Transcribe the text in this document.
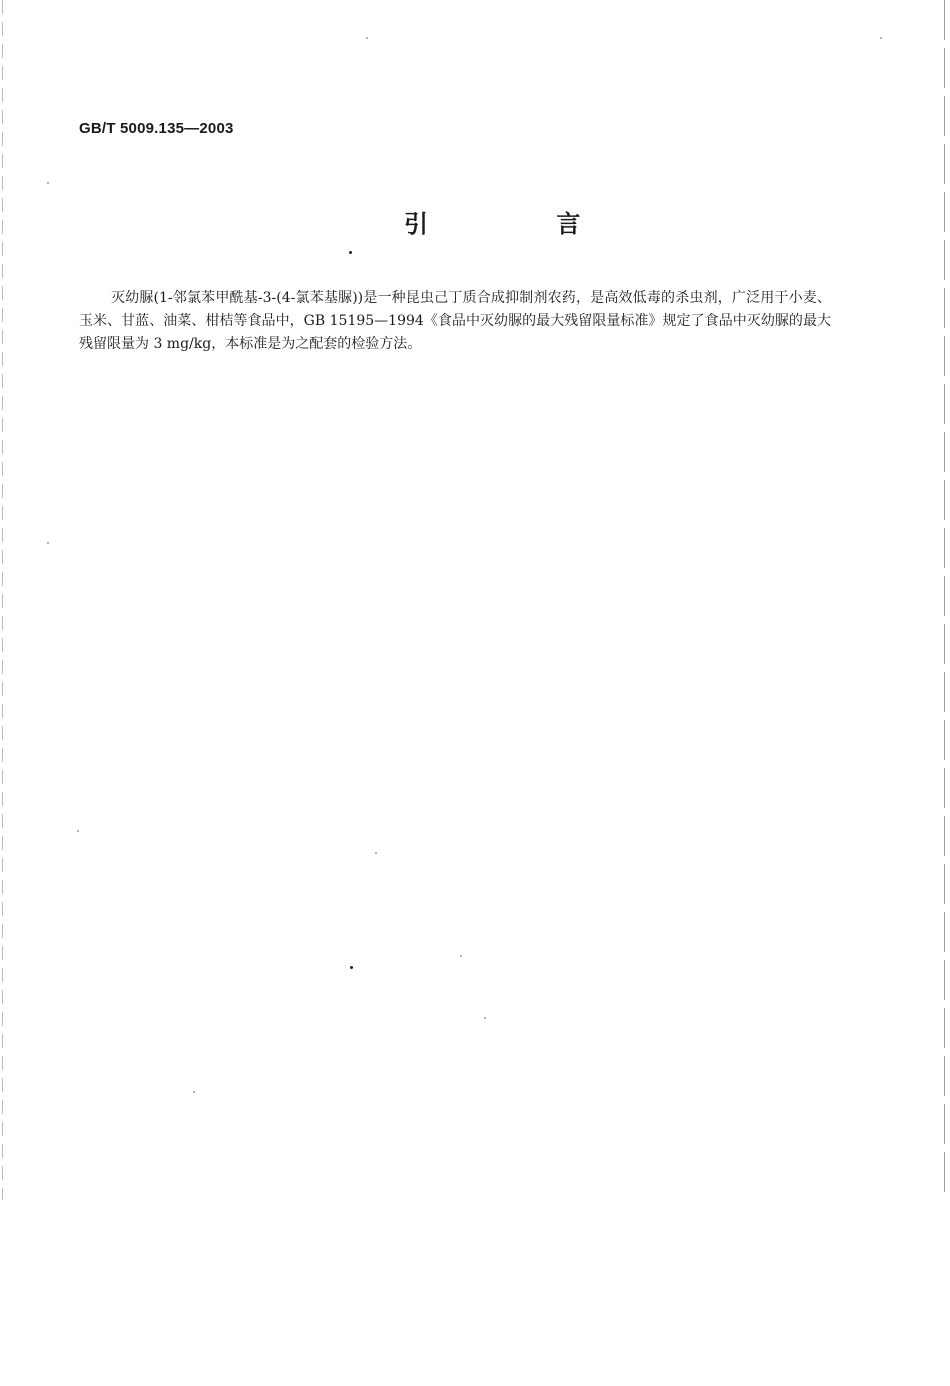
GB/T 5009.135—2003
引 言

灭幼脲(1-邻氯苯甲酰基-3-(4-氯苯基脲))是一种昆虫己丁质合成抑制剂农药，是高效低毒的杀虫剂，广泛用于小麦、玉米、甘蓝、油菜、柑桔等食品中，GB 15195—1994《食品中灭幼脲的最大残留限量标准》规定了食品中灭幼脲的最大残留限量为 3 mg/kg，本标准是为之配套的检验方法。
